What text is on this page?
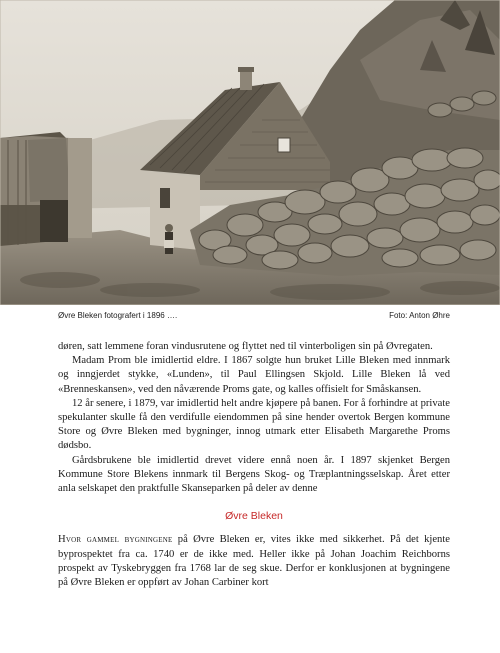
Øvre Bleken fotografert i 1896 ….	Foto: Anton Øhre

døren, satt lemmene foran vindusrutene og flyttet ned til vinterboligen sin på Øvregaten.

Madam Prom ble imidlertid eldre. I 1867 solgte hun bruket Lille Bleken med innmark og inngjerdet stykke, «Lunden», til Paul Ellingsen Skjold. Lille Bleken lå ved «Brenneskansen», ved den nåværende Proms gate, og kalles offisielt for Småskansen.

12 år senere, i 1879, var imidlertid helt andre kjøpere på banen. For å forhindre at private spekulanter skulle få den verdifulle eiendommen på sine hender overtok Bergen kommune Store og Øvre Bleken med bygninger, innog utmark etter Elisabeth Margarethe Proms dødsbo.

Gårdsbrukene ble imidlertid drevet videre ennå noen år. I 1897 skjenket Bergen Kommune Store Blekens innmark til Bergens Skog- og Træplantningsselskap. Året etter anla selskapet den praktfulle Skanseparken på deler av denne

Øvre Bleken

Hvor gammel bygningene på Øvre Bleken er, vites ikke med sikkerhet. På det kjente byprospektet fra ca. 1740 er de ikke med. Heller ikke på Johan Joachim Reichborns prospekt av Tyskebryggen fra 1768 lar de seg skue. Derfor er konklusjonen at bygningene på Øvre Bleken er oppført av Johan Carbiner kort
